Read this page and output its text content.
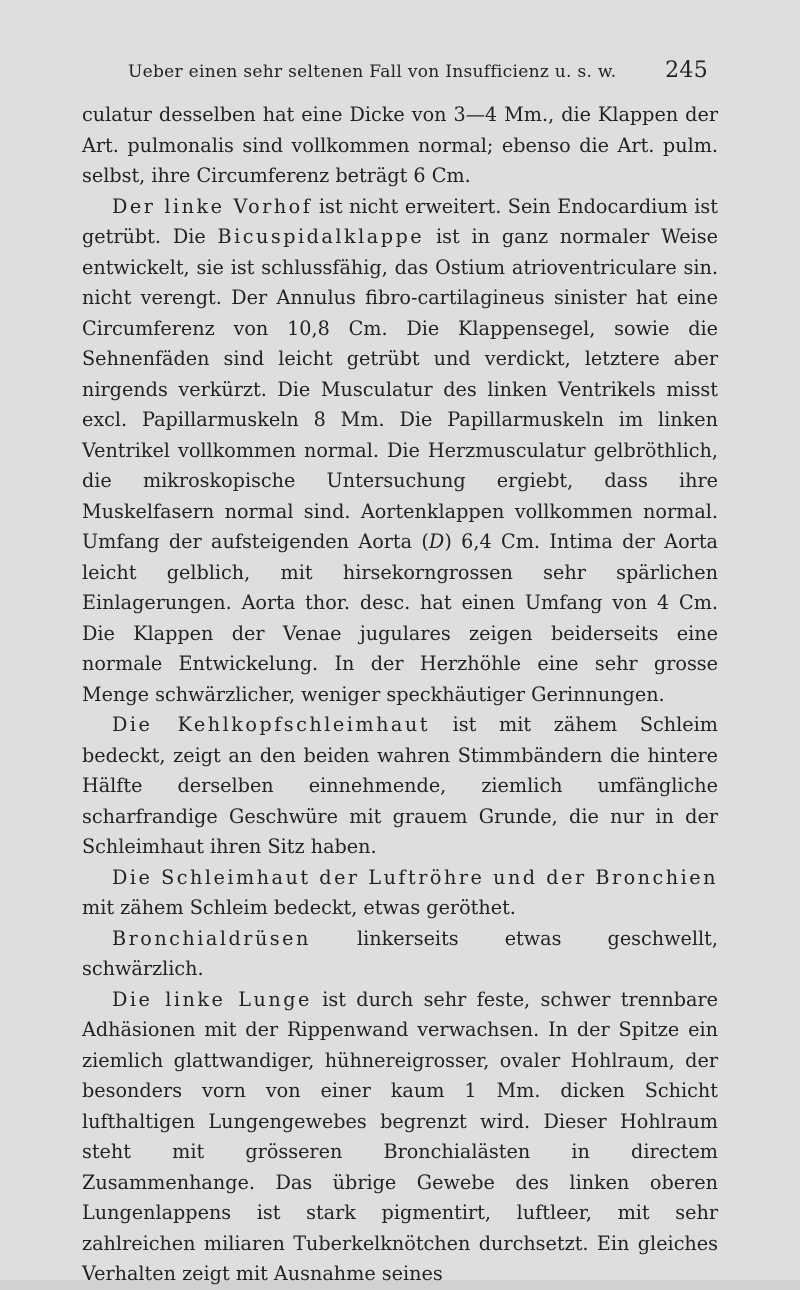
Ueber einen sehr seltenen Fall von Insufficienz u. s. w. 245

culatur desselben hat eine Dicke von 3—4 Mm., die Klappen der Art. pulmonalis sind vollkommen normal; ebenso die Art. pulm. selbst, ihre Circumferenz beträgt 6 Cm.

Der linke Vorhof ist nicht erweitert. Sein Endocardium ist getrübt. Die Bicuspidalklappe ist in ganz normaler Weise entwickelt, sie ist schlussfähig, das Ostium atrioventriculare sin. nicht verengt. Der Annulus fibro-cartilagineus sinister hat eine Circumferenz von 10,8 Cm. Die Klappensegel, sowie die Sehnenfäden sind leicht getrübt und verdickt, letztere aber nirgends verkürzt. Die Musculatur des linken Ventrikels misst excl. Papillarmuskeln 8 Mm. Die Papillarmuskeln im linken Ventrikel vollkommen normal. Die Herzmusculatur gelbröthlich, die mikroskopische Untersuchung ergiebt, dass ihre Muskelfasern normal sind. Aortenklappen vollkommen normal. Umfang der aufsteigenden Aorta (D) 6,4 Cm. Intima der Aorta leicht gelblich, mit hirsekorngrossen sehr spärlichen Einlagerungen. Aorta thor. desc. hat einen Umfang von 4 Cm. Die Klappen der Venae jugulares zeigen beiderseits eine normale Entwickelung. In der Herzhöhle eine sehr grosse Menge schwärzlicher, weniger speckhäutiger Gerinnungen.

Die Kehlkopfschleimhaut ist mit zähem Schleim bedeckt, zeigt an den beiden wahren Stimmbändern die hintere Hälfte derselben einnehmende, ziemlich umfängliche scharfrandige Geschwüre mit grauem Grunde, die nur in der Schleimhaut ihren Sitz haben.

Die Schleimhaut der Luftröhre und der Bronchien mit zähem Schleim bedeckt, etwas geröthet.

Bronchialdrüsen linkerseits etwas geschwellt, schwärzlich.

Die linke Lunge ist durch sehr feste, schwer trennbare Adhäsionen mit der Rippenwand verwachsen. In der Spitze ein ziemlich glattwandiger, hühnereigrosser, ovaler Hohlraum, der besonders vorn von einer kaum 1 Mm. dicken Schicht lufthaltigen Lungengewebes begrenzt wird. Dieser Hohlraum steht mit grösseren Bronchialästen in directem Zusammenhange. Das übrige Gewebe des linken oberen Lungenlappens ist stark pigmentirt, luftleer, mit sehr zahlreichen miliaren Tuberkelknötchen durchsetzt. Ein gleiches Verhalten zeigt mit Ausnahme seines
